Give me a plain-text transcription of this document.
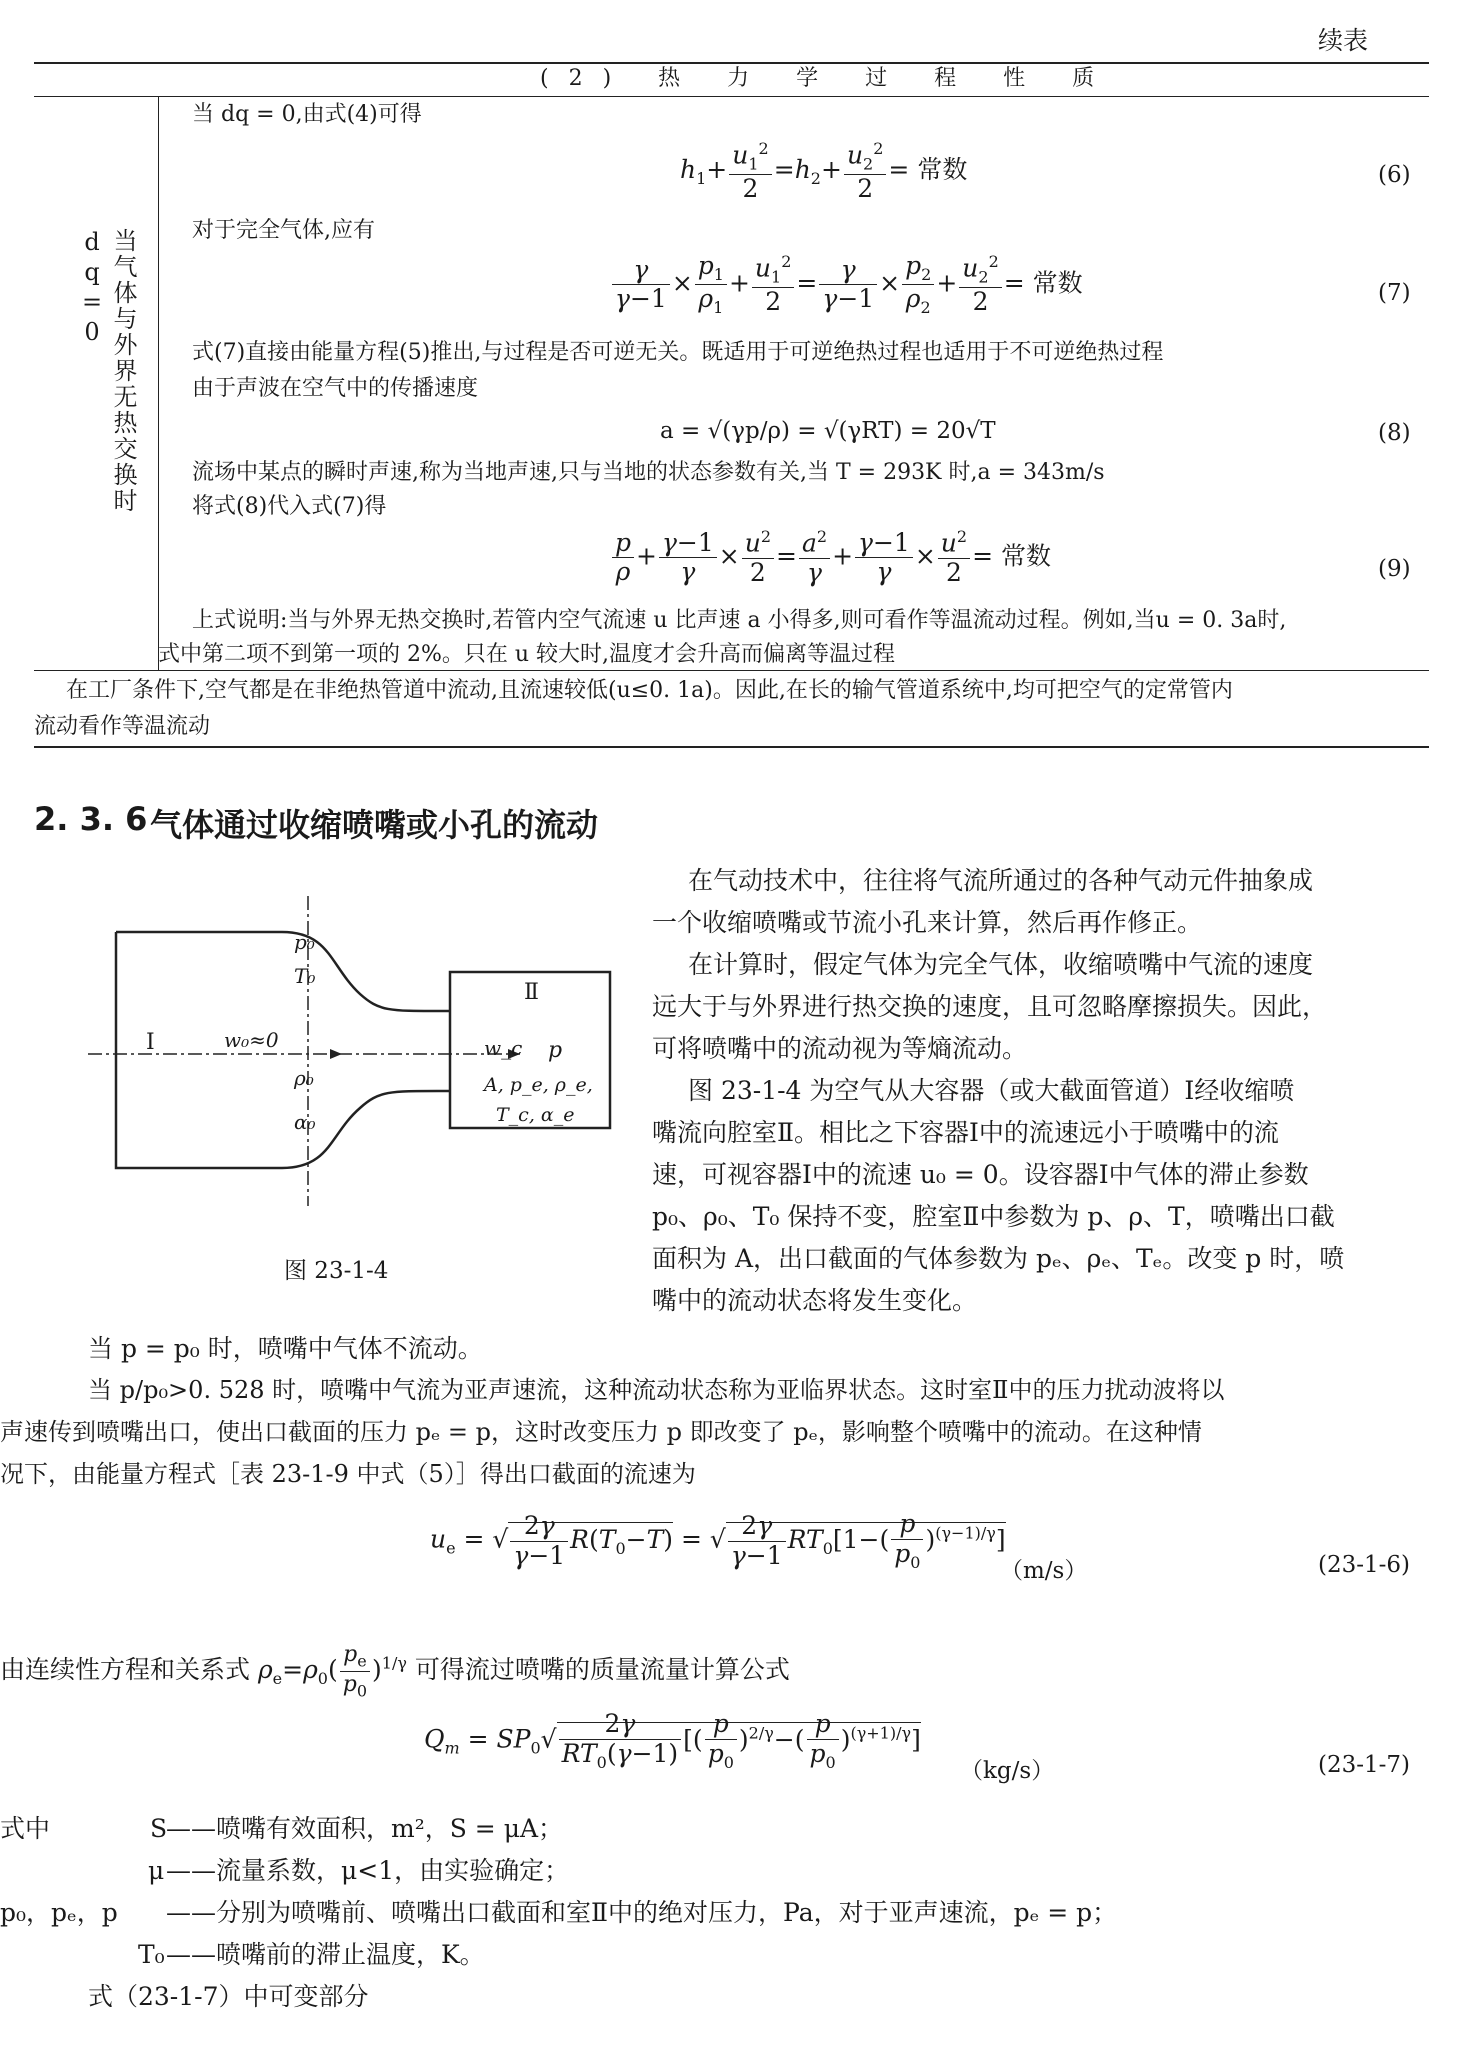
续表
(2) 热 力 学 过 程 性 质
当气体与外界无热交换时dq=0
当 dq = 0,由式(4)可得
$h_1+ \frac{u_1^2}{2} =h_2+ \frac{u_2^2}{2}$ = 常数	(6)
对于完全气体,应有
$\frac{\gamma}{\gamma-1} \times \frac{p_1}{\rho_1} + \frac{u_1^2}{2} = \frac{\gamma}{\gamma-1} \times \frac{p_2}{\rho_2} + \frac{u_2^2}{2}$ = 常数	(7)
式(7)直接由能量方程(5)推出,与过程是否可逆无关。既适用于可逆绝热过程也适用于不可逆绝热过程
由于声波在空气中的传播速度
a = √(γp/ρ) = √(γRT) = 20√T	(8)
流场中某点的瞬时声速,称为当地声速,只与当地的状态参数有关,当 T = 293K 时,a = 343m/s
将式(8)代入式(7)得
$\frac{p}{\rho} + \frac{\gamma-1}{\gamma} \times \frac{u^2}{2} = \frac{a^2}{\gamma} + \frac{\gamma-1}{\gamma} \times \frac{u^2}{2}$ = 常数	(9)
上式说明:当与外界无热交换时,若管内空气流速 u 比声速 a 小得多,则可看作等温流动过程。例如,当u = 0. 3a时,
式中第二项不到第一项的 2%。只在 u 较大时,温度才会升高而偏离等温过程
在工厂条件下,空气都是在非绝热管道中流动,且流速较低(u≤0. 1a)。因此,在长的输气管道系统中,均可把空气的定常管内
流动看作等温流动
2. 3. 6 气体通过收缩喷嘴或小孔的流动
p₀
T₀
Ⅰ	w₀≈0
ρ₀
α₀
Ⅱ
w_c p
A, p_e, ρ_e,
T_c, α_e
图 23-1-4
在气动技术中，往往将气流所通过的各种气动元件抽象成
一个收缩喷嘴或节流小孔来计算，然后再作修正。
在计算时，假定气体为完全气体，收缩喷嘴中气流的速度
远大于与外界进行热交换的速度，且可忽略摩擦损失。因此，
可将喷嘴中的流动视为等熵流动。
图 23-1-4 为空气从大容器（或大截面管道）Ⅰ经收缩喷
嘴流向腔室Ⅱ。相比之下容器Ⅰ中的流速远小于喷嘴中的流
速，可视容器Ⅰ中的流速 u₀ = 0。设容器Ⅰ中气体的滞止参数
p₀、ρ₀、T₀ 保持不变，腔室Ⅱ中参数为 p、ρ、T，喷嘴出口截
面积为 A，出口截面的气体参数为 pₑ、ρₑ、Tₑ。改变 p 时，喷
嘴中的流动状态将发生变化。
当 p = p₀ 时，喷嘴中气体不流动。
当 p/p₀>0. 528 时，喷嘴中气流为亚声速流，这种流动状态称为亚临界状态。这时室Ⅱ中的压力扰动波将以
声速传到喷嘴出口，使出口截面的压力 pₑ = p，这时改变压力 p 即改变了 pₑ，影响整个喷嘴中的流动。在这种情
况下，由能量方程式［表 23-1-9 中式（5）］得出口截面的流速为
$u_e$ = √ $\frac{2\gamma}{\gamma-1} R(T_0-T)$ = √ $\frac{2\gamma}{\gamma-1} RT_0[1-( \frac{p}{p_0} )^{(\gamma-1)/\gamma}]$
（m/s）	(23-1-6)
由连续性方程和关系式 $\rho_e=\rho_0( \frac{p_e}{p_0} )^{1/\gamma}$ 可得流过喷嘴的质量流量计算公式
$Q_m = SP_0√ \frac{2\gamma}{RT_0(\gamma-1)}$ [( $\frac{p}{p_0} )^{2/\gamma}-( \frac{p}{p_0} )^{(\gamma+1)/\gamma}$]
（kg/s）	(23-1-7)
式中	S
——喷嘴有效面积，m²，S = μA；
μ ——流量系数，μ<1，由实验确定；
p₀，pₑ，p ——分别为喷嘴前、喷嘴出口截面和室Ⅱ中的绝对压力，Pa，对于亚声速流，pₑ = p；
T₀ ——喷嘴前的滞止温度，K。
式（23-1-7）中可变部分
